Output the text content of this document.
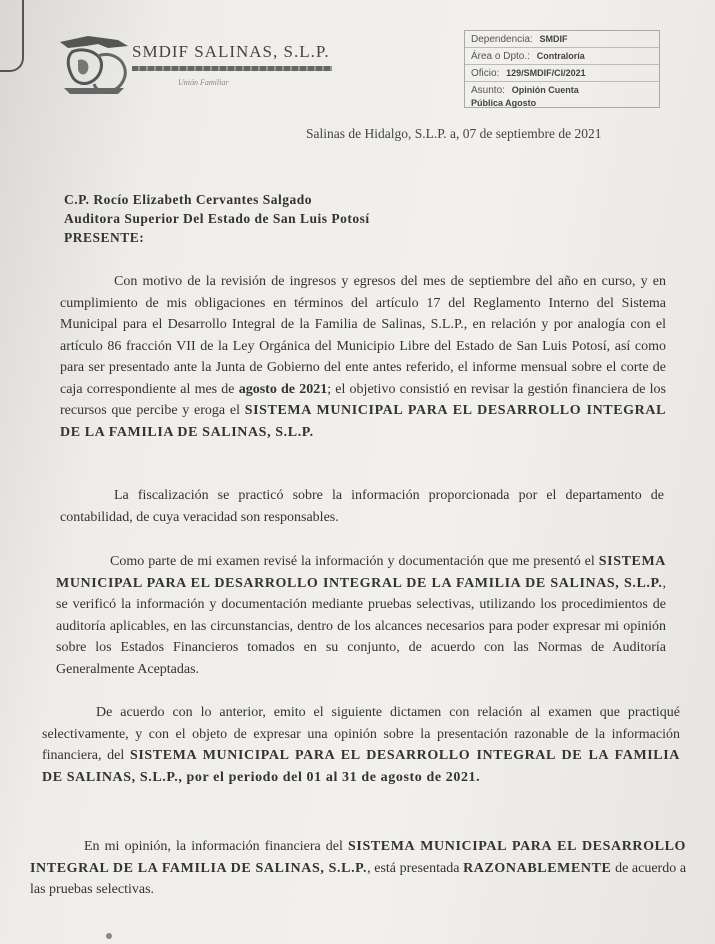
SMDIF SALINAS, S.L.P.
Unión Familiar
Dependencia: SMDIF
Área o Dpto.: Contraloría
Oficio: 129/SMDIF/CI/2021
Asunto: Opinión Cuenta
Pública Agosto
Salinas de Hidalgo, S.L.P. a, 07 de septiembre de 2021
C.P. Rocío Elizabeth Cervantes Salgado
Auditora Superior Del Estado de San Luis Potosí
PRESENTE:
Con motivo de la revisión de ingresos y egresos del mes de septiembre del año en curso, y en cumplimiento de mis obligaciones en términos del artículo 17 del Reglamento Interno del Sistema Municipal para el Desarrollo Integral de la Familia de Salinas, S.L.P., en relación y por analogía con el artículo 86 fracción VII de la Ley Orgánica del Municipio Libre del Estado de San Luis Potosí, así como para ser presentado ante la Junta de Gobierno del ente antes referido, el informe mensual sobre el corte de caja correspondiente al mes de agosto de 2021; el objetivo consistió en revisar la gestión financiera de los recursos que percibe y eroga el SISTEMA MUNICIPAL PARA EL DESARROLLO INTEGRAL DE LA FAMILIA DE SALINAS, S.L.P.
La fiscalización se practicó sobre la información proporcionada por el departamento de contabilidad, de cuya veracidad son responsables.
Como parte de mi examen revisé la información y documentación que me presentó el SISTEMA MUNICIPAL PARA EL DESARROLLO INTEGRAL DE LA FAMILIA DE SALINAS, S.L.P., se verificó la información y documentación mediante pruebas selectivas, utilizando los procedimientos de auditoría aplicables, en las circunstancias, dentro de los alcances necesarios para poder expresar mi opinión sobre los Estados Financieros tomados en su conjunto, de acuerdo con las Normas de Auditoría Generalmente Aceptadas.
De acuerdo con lo anterior, emito el siguiente dictamen con relación al examen que practiqué selectivamente, y con el objeto de expresar una opinión sobre la presentación razonable de la información financiera, del SISTEMA MUNICIPAL PARA EL DESARROLLO INTEGRAL DE LA FAMILIA DE SALINAS, S.L.P., por el periodo del 01 al 31 de agosto de 2021.
En mi opinión, la información financiera del SISTEMA MUNICIPAL PARA EL DESARROLLO INTEGRAL DE LA FAMILIA DE SALINAS, S.L.P., está presentada RAZONABLEMENTE de acuerdo a las pruebas selectivas.
